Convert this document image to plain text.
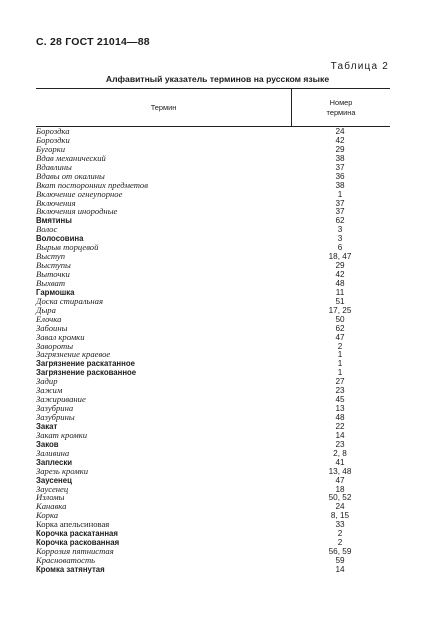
С. 28 ГОСТ 21014—88
Таблица 2
Алфавитный указатель терминов на русском языке
Термин
Номер
термина
Бороздка	24
Бороздки	42
Бугорки	29
Вдав механический	38
Вдавлины	37
Вдавы от окалины	36
Вкат посторонних предметов	38
Включение огнеупорное	1
Включения	37
Включения инородные	37
Вмятины	62
Волос	3
Волосовина	3
Вырыв торцевой	6
Выступ	18, 47
Выступы	29
Выточки	42
Выхват	48
Гармошка	11
Доска стиральная	51
Дыра	17, 25
Елочка	50
Забоины	62
Завал кромки	47
Завороты	2
Загрязнение краевое	1
Загрязнение раскатанное	1
Загрязнение раскованное	1
Задир	27
Зажим	23
Зажиривание	45
Зазубрина	13
Зазубрины	48
Закат	22
Закат кромки	14
Заков	23
Заливина	2, 8
Заплески	41
Зарезь кромки	13, 48
Заусенец	47
Заусенец	18
Изломы	50, 52
Канавка	24
Корка	8, 15
Корка апельсиновая	33
Корочка раскатанная	2
Корочка раскованная	2
Коррозия пятнистая	56, 59
Красноватость	59
Кромка затянутая	14
